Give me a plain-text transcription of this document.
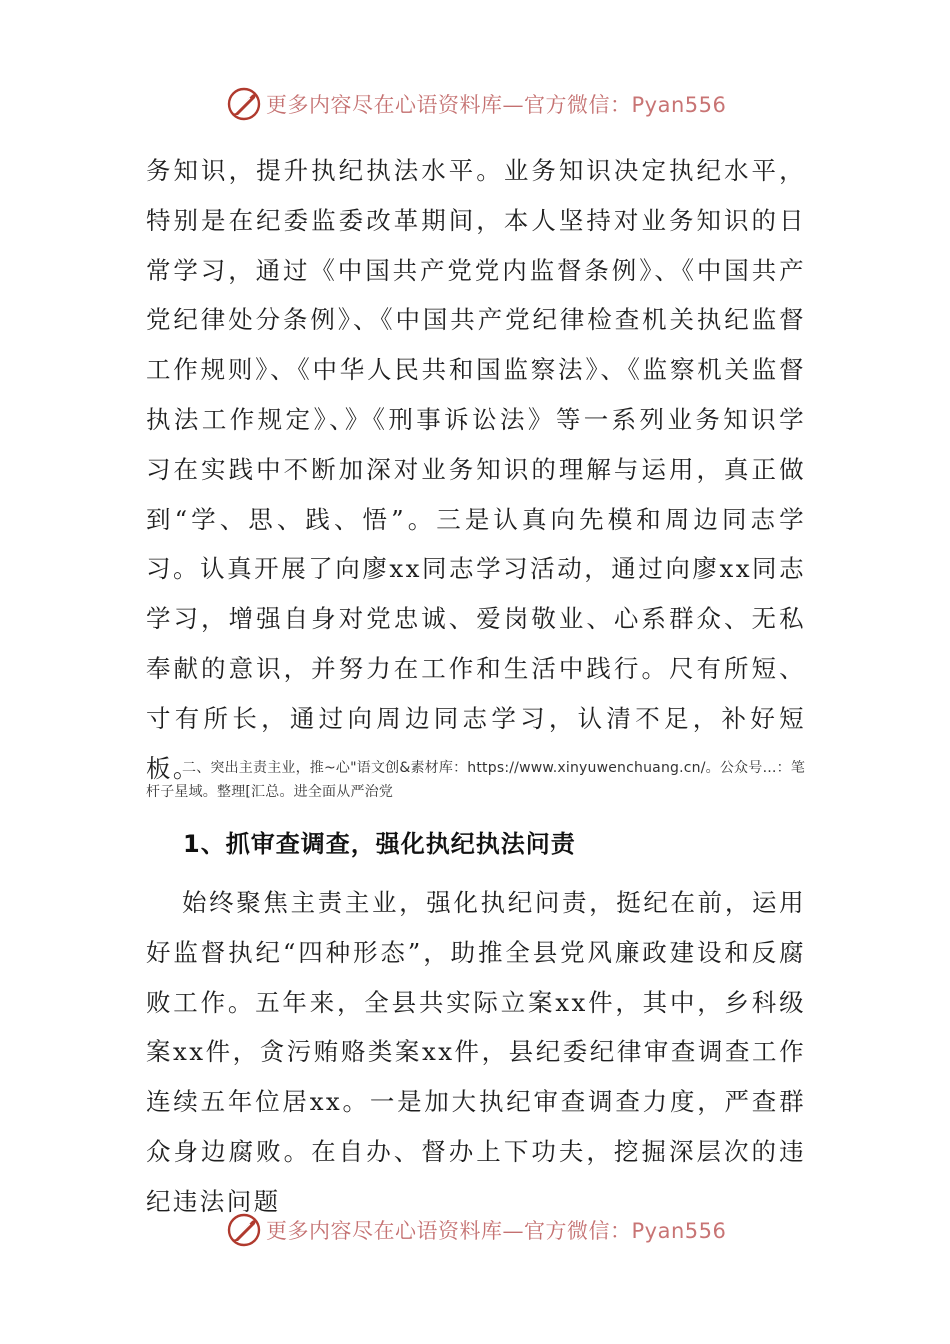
更多内容尽在心语资料库—官方微信：Pyan556

务知识，提升执纪执法水平。业务知识决定执纪水平，特别是在纪委监委改革期间，本人坚持对业务知识的日常学习，通过《中国共产党党内监督条例》、《中国共产党纪律处分条例》、《中国共产党纪律检查机关执纪监督工作规则》、《中华人民共和国监察法》、《监察机关监督执法工作规定》、》《刑事诉讼法》等一系列业务知识学习在实践中不断加深对业务知识的理解与运用，真正做到“学、思、践、悟”。三是认真向先模和周边同志学习。认真开展了向廖xx同志学习活动，通过向廖xx同志学习，增强自身对党忠诚、爱岗敬业、心系群众、无私奉献的意识，并努力在工作和生活中践行。尺有所短、寸有所长，通过向周边同志学习，认清不足，补好短板。

二、突出主责主业，推~心"语文创&素材库：https://www.xinyuwenchuang.cn/。公众号…：笔杆子星域。整理[汇总。进全面从严治党

1、抓审查调查，强化执纪执法问责

始终聚焦主责主业，强化执纪问责，挺纪在前，运用好监督执纪“四种形态”，助推全县党风廉政建设和反腐败工作。五年来，全县共实际立案xx件，其中，乡科级案xx件，贪污贿赂类案xx件，县纪委纪律审查调查工作连续五年位居xx。一是加大执纪审查调查力度，严查群众身边腐败。在自办、督办上下功夫，挖掘深层次的违纪违法问题

更多内容尽在心语资料库—官方微信：Pyan556
